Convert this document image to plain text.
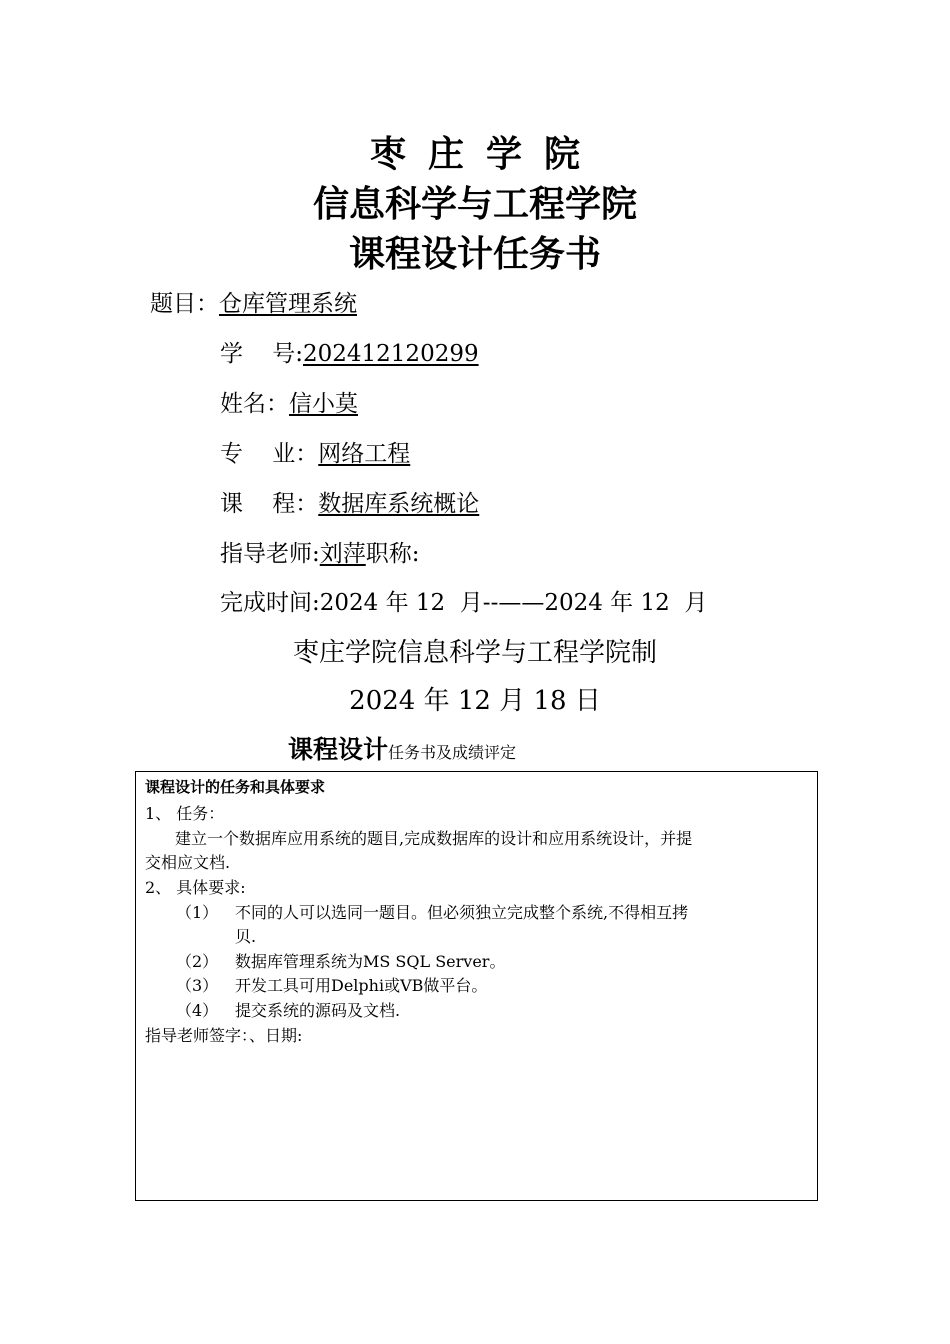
枣庄学院
信息科学与工程学院
课程设计任务书
题目：仓库管理系统
学    号:202412120299
姓名：信小莫
专    业：网络工程
课    程：数据库系统概论
指导老师:刘萍职称:
完成时间:2024 年 12  月--——2024 年 12  月
枣庄学院信息科学与工程学院制
2024 年 12 月 18 日
课程设计任务书及成绩评定
课程设计的任务和具体要求
1、 任务：
建立一个数据库应用系统的题目,完成数据库的设计和应用系统设计，并提
交相应文档.
2、 具体要求:
（1） 不同的人可以选同一题目。但必须独立完成整个系统,不得相互拷
贝.
（2） 数据库管理系统为MS SQL Server。
（3） 开发工具可用Delphi或VB做平台。
（4） 提交系统的源码及文档.
指导老师签字：、日期:
